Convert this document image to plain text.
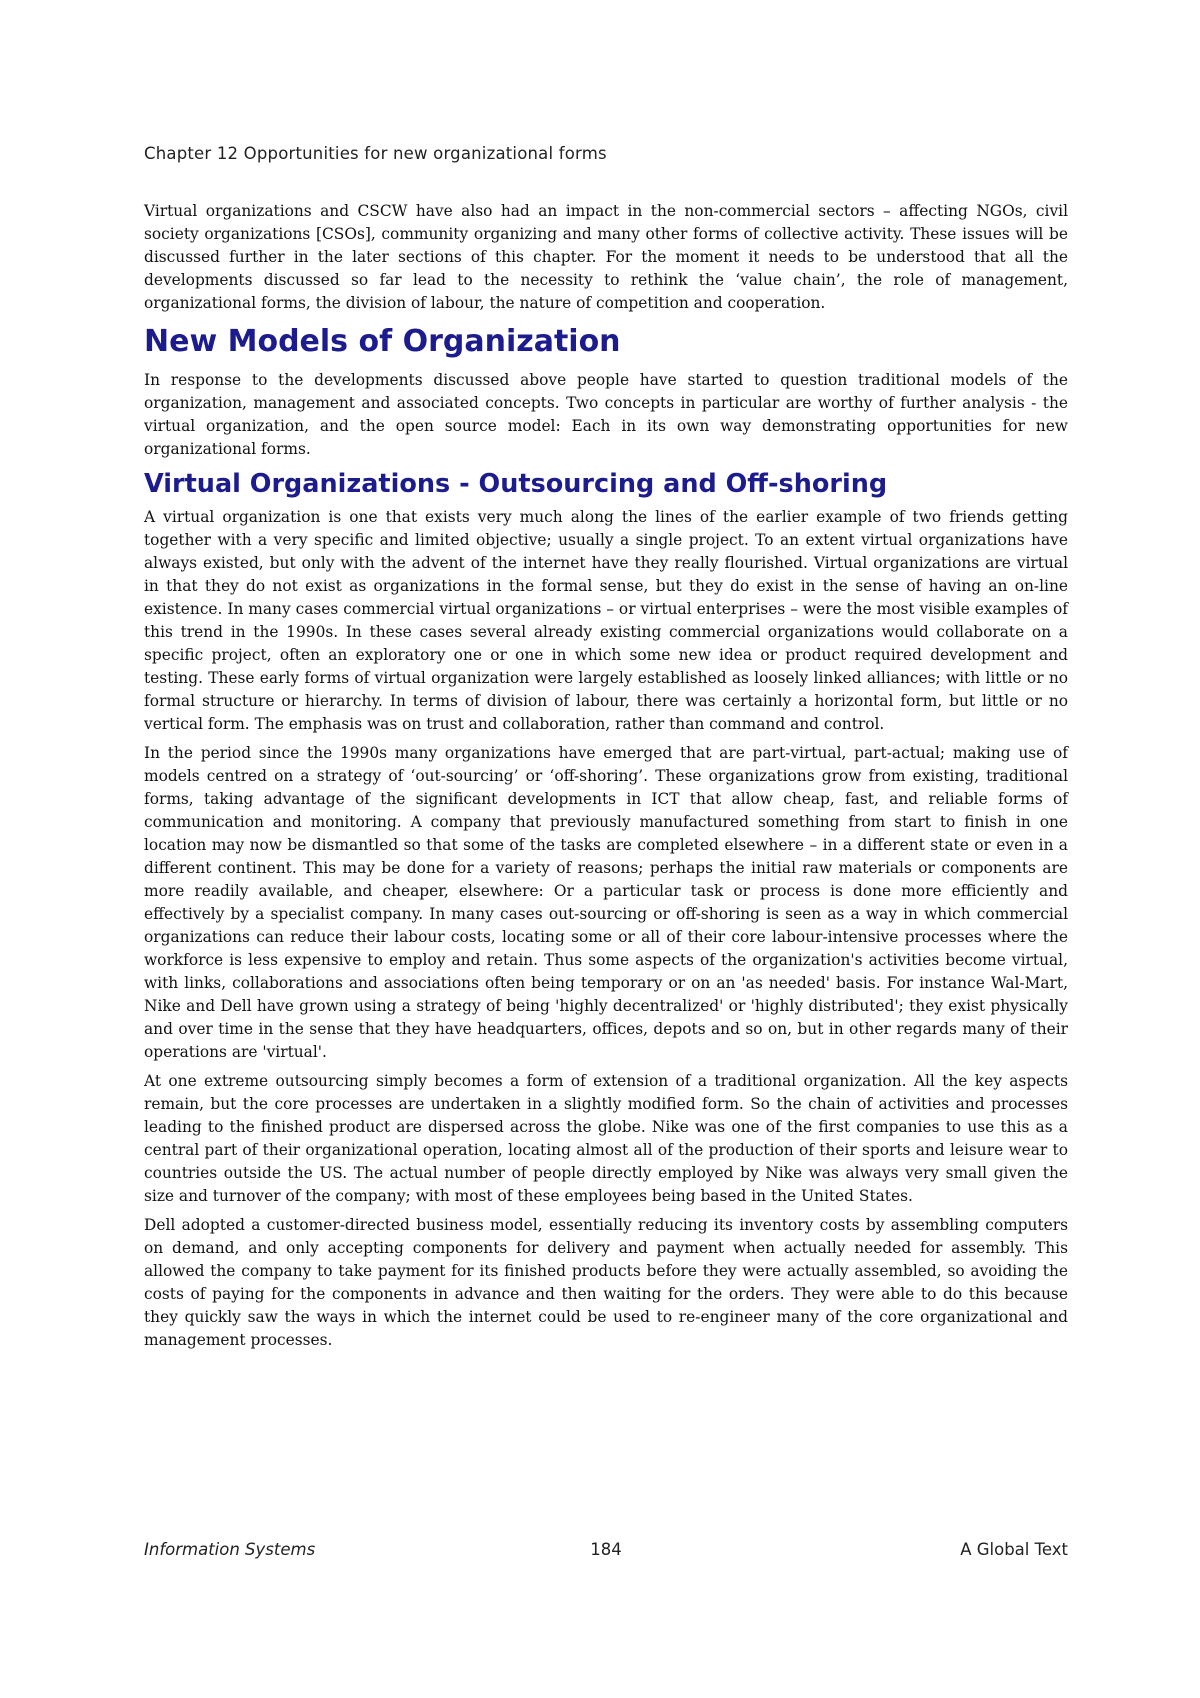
Chapter 12 Opportunities for new organizational forms

Virtual organizations and CSCW have also had an impact in the non-commercial sectors – affecting NGOs, civil society organizations [CSOs], community organizing and many other forms of collective activity. These issues will be discussed further in the later sections of this chapter. For the moment it needs to be understood that all the developments discussed so far lead to the necessity to rethink the ‘value chain’, the role of management, organizational forms, the division of labour, the nature of competition and cooperation.

New Models of Organization

In response to the developments discussed above people have started to question traditional models of the organization, management and associated concepts. Two concepts in particular are worthy of further analysis - the virtual organization, and the open source model: Each in its own way demonstrating opportunities for new organizational forms.

Virtual Organizations - Outsourcing and Off-shoring

A virtual organization is one that exists very much along the lines of the earlier example of two friends getting together with a very specific and limited objective; usually a single project. To an extent virtual organizations have always existed, but only with the advent of the internet have they really flourished. Virtual organizations are virtual in that they do not exist as organizations in the formal sense, but they do exist in the sense of having an on-line existence. In many cases commercial virtual organizations – or virtual enterprises – were the most visible examples of this trend in the 1990s. In these cases several already existing commercial organizations would collaborate on a specific project, often an exploratory one or one in which some new idea or product required development and testing. These early forms of virtual organization were largely established as loosely linked alliances; with little or no formal structure or hierarchy. In terms of division of labour, there was certainly a horizontal form, but little or no vertical form. The emphasis was on trust and collaboration, rather than command and control.

In the period since the 1990s many organizations have emerged that are part-virtual, part-actual; making use of models centred on a strategy of ‘out-sourcing’ or ‘off-shoring’. These organizations grow from existing, traditional forms, taking advantage of the significant developments in ICT that allow cheap, fast, and reliable forms of communication and monitoring. A company that previously manufactured something from start to finish in one location may now be dismantled so that some of the tasks are completed elsewhere – in a different state or even in a different continent. This may be done for a variety of reasons; perhaps the initial raw materials or components are more readily available, and cheaper, elsewhere: Or a particular task or process is done more efficiently and effectively by a specialist company. In many cases out-sourcing or off-shoring is seen as a way in which commercial organizations can reduce their labour costs, locating some or all of their core labour-intensive processes where the workforce is less expensive to employ and retain. Thus some aspects of the organization's activities become virtual, with links, collaborations and associations often being temporary or on an 'as needed' basis. For instance Wal-Mart, Nike and Dell have grown using a strategy of being 'highly decentralized' or 'highly distributed'; they exist physically and over time in the sense that they have headquarters, offices, depots and so on, but in other regards many of their operations are 'virtual'.

At one extreme outsourcing simply becomes a form of extension of a traditional organization. All the key aspects remain, but the core processes are undertaken in a slightly modified form. So the chain of activities and processes leading to the finished product are dispersed across the globe. Nike was one of the first companies to use this as a central part of their organizational operation, locating almost all of the production of their sports and leisure wear to countries outside the US. The actual number of people directly employed by Nike was always very small given the size and turnover of the company; with most of these employees being based in the United States.

Dell adopted a customer-directed business model, essentially reducing its inventory costs by assembling computers on demand, and only accepting components for delivery and payment when actually needed for assembly. This allowed the company to take payment for its finished products before they were actually assembled, so avoiding the costs of paying for the components in advance and then waiting for the orders. They were able to do this because they quickly saw the ways in which the internet could be used to re-engineer many of the core organizational and management processes.

Information Systems	184	A Global Text
